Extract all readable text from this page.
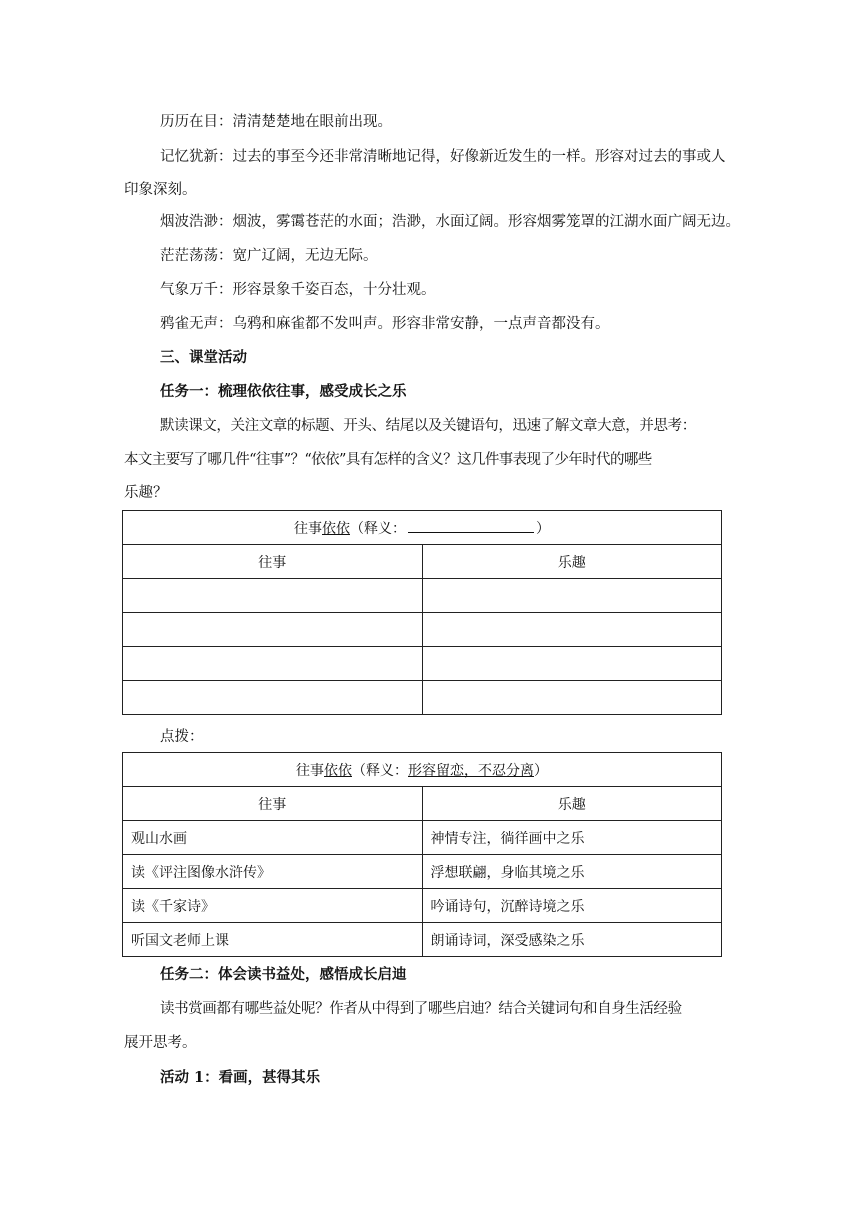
历历在目：清清楚楚地在眼前出现。
记忆犹新：过去的事至今还非常清晰地记得，好像新近发生的一样。形容对过去的事或人
印象深刻。
烟波浩渺：烟波，雾霭苍茫的水面；浩渺，水面辽阔。形容烟雾笼罩的江湖水面广阔无边。
茫茫荡荡：宽广辽阔，无边无际。
气象万千：形容景象千姿百态，十分壮观。
鸦雀无声：乌鸦和麻雀都不发叫声。形容非常安静，一点声音都没有。
三、课堂活动
任务一：梳理依依往事，感受成长之乐
默读课文，关注文章的标题、开头、结尾以及关键语句，迅速了解文章大意，并思考：
本文主要写了哪几件“往事”？“依依”具有怎样的含义？这几件事表现了少年时代的哪些
乐趣？
往事依依（释义： ）	
往事	乐趣

点拨：
往事依依（释义：形容留恋，不忍分离）	
往事	乐趣
观山水画	神情专注，徜徉画中之乐
读《评注图像水浒传》	浮想联翩，身临其境之乐
读《千家诗》	吟诵诗句，沉醉诗境之乐
听国文老师上课	朗诵诗词，深受感染之乐
任务二：体会读书益处，感悟成长启迪
读书赏画都有哪些益处呢？作者从中得到了哪些启迪？结合关键词句和自身生活经验
展开思考。
活动 1：看画，甚得其乐
